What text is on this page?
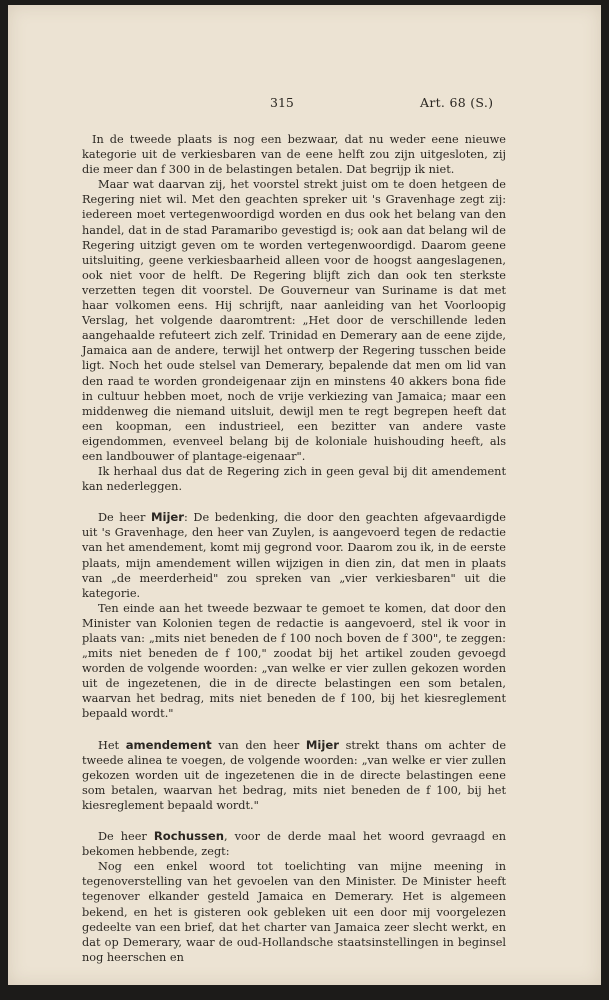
315	Art. 68 (S.)

In de tweede plaats is nog een bezwaar, dat nu weder eene nieuwe kategorie uit de verkiesbaren van de eene helft zou zijn uitgesloten, zij die meer dan f 300 in de belastingen betalen. Dat begrijp ik niet.

Maar wat daarvan zij, het voorstel strekt juist om te doen hetgeen de Regering niet wil. Met den geachten spreker uit 's Gravenhage zegt zij: iedereen moet vertegenwoordigd worden en dus ook het belang van den handel, dat in de stad Paramaribo gevestigd is; ook aan dat belang wil de Regering uitzigt geven om te worden vertegenwoordigd. Daarom geene uitsluiting, geene verkiesbaarheid alleen voor de hoogst aangeslagenen, ook niet voor de helft. De Regering blijft zich dan ook ten sterkste verzetten tegen dit voorstel. De Gouverneur van Suriname is dat met haar volkomen eens. Hij schrijft, naar aanleiding van het Voorloopig Verslag, het volgende daaromtrent: „Het door de verschillende leden aangehaalde refuteert zich zelf. Trinidad en Demerary aan de eene zijde, Jamaica aan de andere, terwijl het ontwerp der Regering tusschen beide ligt. Noch het oude stelsel van Demerary, bepalende dat men om lid van den raad te worden grondeigenaar zijn en minstens 40 akkers bona fide in cultuur hebben moet, noch de vrije verkiezing van Jamaica; maar een middenweg die niemand uitsluit, dewijl men te regt begrepen heeft dat een koopman, een industrieel, een bezitter van andere vaste eigendommen, evenveel belang bij de koloniale huishouding heeft, als een landbouwer of plantage-eigenaar".

Ik herhaal dus dat de Regering zich in geen geval bij dit amendement kan nederleggen.

De heer Mijer: De bedenking, die door den geachten afgevaardigde uit 's Gravenhage, den heer van Zuylen, is aangevoerd tegen de redactie van het amendement, komt mij gegrond voor. Daarom zou ik, in de eerste plaats, mijn amendement willen wijzigen in dien zin, dat men in plaats van „de meerderheid" zou spreken van „vier verkiesbaren" uit die kategorie.

Ten einde aan het tweede bezwaar te gemoet te komen, dat door den Minister van Kolonien tegen de redactie is aangevoerd, stel ik voor in plaats van: „mits niet beneden de f 100 noch boven de f 300", te zeggen: „mits niet beneden de f 100," zoodat bij het artikel zouden gevoegd worden de volgende woorden: „van welke er vier zullen gekozen worden uit de ingezetenen, die in de directe belastingen een som betalen, waarvan het bedrag, mits niet beneden de f 100, bij het kiesreglement bepaald wordt."

Het amendement van den heer Mijer strekt thans om achter de tweede alinea te voegen, de volgende woorden: „van welke er vier zullen gekozen worden uit de ingezetenen die in de directe belastingen eene som betalen, waarvan het bedrag, mits niet beneden de f 100, bij het kiesreglement bepaald wordt."

De heer Rochussen, voor de derde maal het woord gevraagd en bekomen hebbende, zegt:

Nog een enkel woord tot toelichting van mijne meening in tegenoverstelling van het gevoelen van den Minister. De Minister heeft tegenover elkander gesteld Jamaica en Demerary. Het is algemeen bekend, en het is gisteren ook gebleken uit een door mij voorgelezen gedeelte van een brief, dat het charter van Jamaica zeer slecht werkt, en dat op Demerary, waar de oud-Hollandsche staatsinstellingen in beginsel nog heerschen en
